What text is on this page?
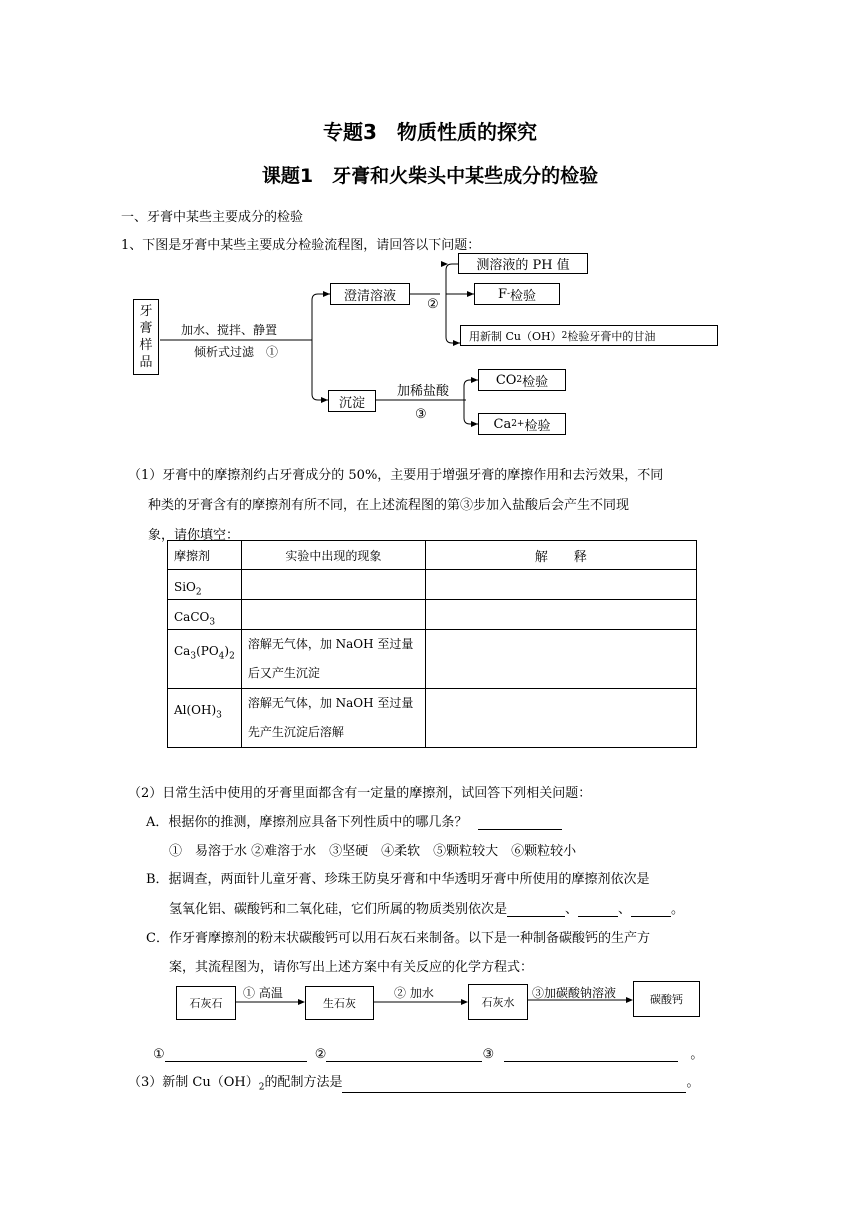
专题3　物质性质的探究
课题1　牙膏和火柴头中某些成分的检验
一、牙膏中某些主要成分的检验
1、下图是牙膏中某些主要成分检验流程图，请回答以下问题：
牙
膏
样
品
加水、搅拌、静置
倾析式过滤　①
澄清溶液
②
测溶液的 PH 值
F - 检验
用新制 Cu（OH） 2 检验牙膏中的甘油
沉淀
加稀盐酸
③
CO 2 检验
Ca 2+ 检验
（1）牙膏中的摩擦剂约占牙膏成分的 50%，主要用于增强牙膏的摩擦作用和去污效果，不同
种类的牙膏含有的摩擦剂有所不同，在上述流程图的第③步加入盐酸后会产生不同现
象，请你填空：
摩擦剂	实验中出现的现象	解　　释
SiO$_2$		
CaCO$_3$		
$Ca_3(PO_4)_2$	溶解无气体，加 NaOH 至过量
后又产生沉淀	

$Al(OH)_3$	溶解无气体，加 NaOH 至过量
先产生沉淀后溶解	

（2）日常生活中使用的牙膏里面都含有一定量的摩擦剂，试回答下列相关问题：
A．根据你的推测，摩擦剂应具备下列性质中的哪几条？
①　易溶于水 ②难溶于水　③坚硬　④柔软　⑤颗粒较大　⑥颗粒较小
B．据调查，两面针儿童牙膏、珍珠王防臭牙膏和中华透明牙膏中所使用的摩擦剂依次是
氢氧化铝、碳酸钙和二氧化硅，它们所属的物质类别依次是	、	、	。
C．作牙膏摩擦剂的粉末状碳酸钙可以用石灰石来制备。以下是一种制备碳酸钙的生产方
案，其流程图为，请你写出上述方案中有关反应的化学方程式：
石灰石
① 高温
生石灰
② 加水
石灰水
③加碳酸钠溶液	碳酸钙
①	②	③	。
（3）新制 $Cu(OH)_2$的配制方法是	。
